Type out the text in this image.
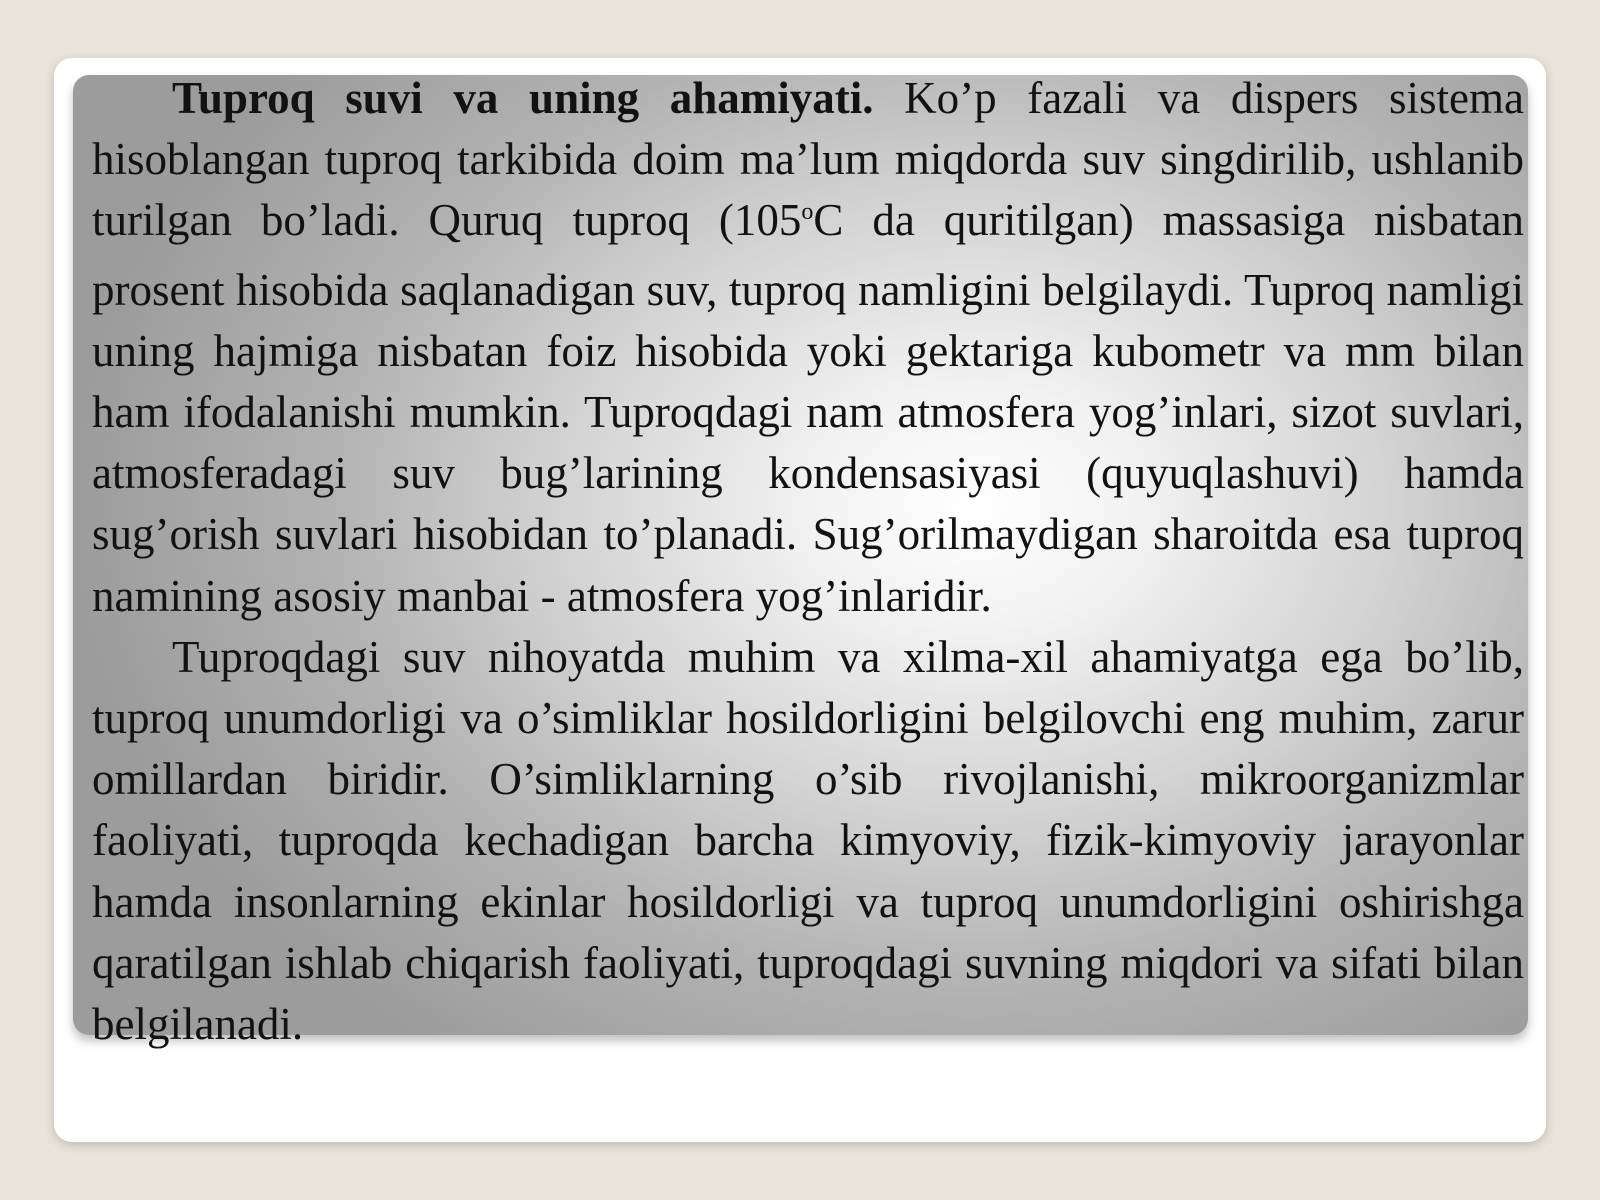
Tuproq suvi va uning ahamiyati. Ko’p fazali va dispers sistema hisoblangan tuproq tarkibida doim ma’lum miqdorda suv singdirilib, ushlanib turilgan bo’ladi. Quruq tuproq (105$^o$C da quritilgan) massasiga nisbatan prosent hisobida saqlanadigan suv, tuproq namligini belgilaydi. Tuproq namligi uning hajmiga nisbatan foiz hisobida yoki gektariga kubometr va mm bilan ham ifodalanishi mumkin. Tuproqdagi nam atmosfera yog’inlari, sizot suvlari, atmosferadagi suv bug’larining kondensasiyasi (quyuqlashuvi) hamda sug’orish suvlari hisobidan to’planadi. Sug’orilmaydigan sharoitda esa tuproq namining asosiy manbai - atmosfera yog’inlaridir.

Tuproqdagi suv nihoyatda muhim va xilma-xil ahamiyatga ega bo’lib, tuproq unumdorligi va o’simliklar hosildorligini belgilovchi eng muhim, zarur omillardan biridir. O’simliklarning o’sib rivojlanishi, mikroorganizmlar faoliyati, tuproqda kechadigan barcha kimyoviy, fizik-kimyoviy jarayonlar hamda insonlarning ekinlar hosildorligi va tuproq unumdorligini oshirishga qaratilgan ishlab chiqarish faoliyati, tuproqdagi suvning miqdori va sifati bilan belgilanadi.
